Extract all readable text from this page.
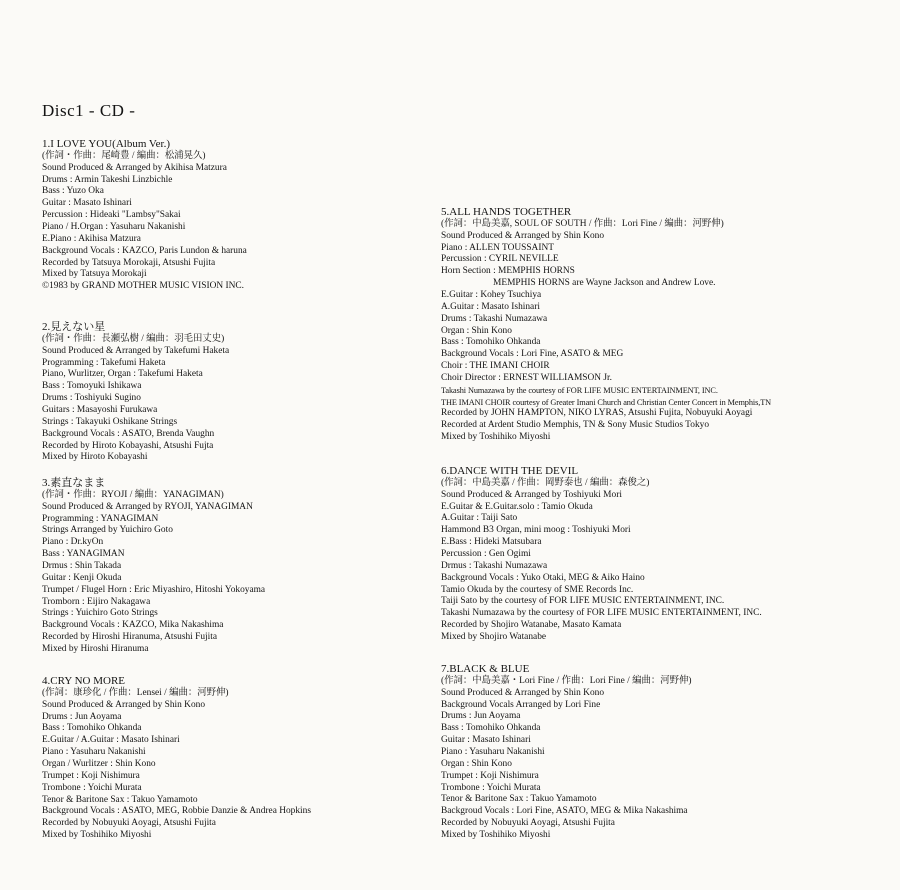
Disc1 - CD -
1.I LOVE YOU(Album Ver.)
(作詞・作曲：尾崎豊 / 編曲：松浦晃久)
Sound Produced & Arranged by Akihisa Matzura
Drums : Armin Takeshi Linzbichle
Bass : Yuzo Oka
Guitar : Masato Ishinari
Percussion : Hideaki "Lambsy"Sakai
Piano / H.Organ : Yasuharu Nakanishi
E.Piano : Akihisa Matzura
Background Vocals : KAZCO, Paris Lundon & haruna
Recorded by Tatsuya Morokaji, Atsushi Fujita
Mixed by Tatsuya Morokaji
©1983 by GRAND MOTHER MUSIC VISION INC.
2.見えない星
(作詞・作曲：長瀬弘樹 / 編曲：羽毛田丈史)
Sound Produced & Arranged by Takefumi Haketa
Programming : Takefumi Haketa
Piano, Wurlitzer, Organ : Takefumi Haketa
Bass : Tomoyuki Ishikawa
Drums : Toshiyuki Sugino
Guitars : Masayoshi Furukawa
Strings : Takayuki Oshikane Strings
Background Vocals : ASATO, Brenda Vaughn
Recorded by Hiroto Kobayashi, Atsushi Fujta
Mixed by Hiroto Kobayashi
3.素直なまま
(作詞・作曲：RYOJI / 編曲：YANAGIMAN)
Sound Produced & Arranged by RYOJI, YANAGIMAN
Programming : YANAGIMAN
Strings Arranged by Yuichiro Goto
Piano : Dr.kyOn
Bass : YANAGIMAN
Drmus : Shin Takada
Guitar : Kenji Okuda
Trumpet / Flugel Horn : Eric Miyashiro, Hitoshi Yokoyama
Tromborn : Eijiro Nakagawa
Strings : Yuichiro Goto Strings
Background Vocals : KAZCO, Mika Nakashima
Recorded by Hiroshi Hiranuma, Atsushi Fujita
Mixed by Hiroshi Hiranuma
4.CRY NO MORE
(作詞：康珍化 / 作曲：Lensei / 編曲：河野伸)
Sound Produced & Arranged by Shin Kono
Drums : Jun Aoyama
Bass : Tomohiko Ohkanda
E.Guitar / A.Guitar : Masato Ishinari
Piano : Yasuharu Nakanishi
Organ / Wurlitzer : Shin Kono
Trumpet : Koji Nishimura
Trombone : Yoichi Murata
Tenor & Baritone Sax : Takuo Yamamoto
Background Vocals : ASATO, MEG, Robbie Danzie & Andrea Hopkins
Recorded by Nobuyuki Aoyagi, Atsushi Fujita
Mixed by Toshihiko Miyoshi
5.ALL HANDS TOGETHER
(作詞：中島美嘉, SOUL OF SOUTH / 作曲：Lori Fine / 編曲：河野伸)
Sound Produced & Arranged by Shin Kono
Piano : ALLEN TOUSSAINT
Percussion : CYRIL NEVILLE
Horn Section : MEMPHIS HORNS
MEMPHIS HORNS are Wayne Jackson and Andrew Love.
E.Guitar : Kohey Tsuchiya
A.Guitar : Masato Ishinari
Drums : Takashi Numazawa
Organ : Shin Kono
Bass : Tomohiko Ohkanda
Background Vocals : Lori Fine, ASATO & MEG
Choir : THE IMANI CHOIR
Choir Director : ERNEST WILLIAMSON Jr.
Takashi Numazawa by the courtesy of FOR LIFE MUSIC ENTERTAINMENT, INC.
THE IMANI CHOIR courtesy of Greater Imani Church and Christian Center Concert in Memphis,TN
Recorded by JOHN HAMPTON, NIKO LYRAS, Atsushi Fujita, Nobuyuki Aoyagi
Recorded at Ardent Studio Memphis, TN & Sony Music Studios Tokyo
Mixed by Toshihiko Miyoshi
6.DANCE WITH THE DEVIL
(作詞：中島美嘉 / 作曲：岡野泰也 / 編曲：森俊之)
Sound Produced & Arranged by Toshiyuki Mori
E.Guitar & E.Guitar.solo : Tamio Okuda
A.Guitar : Taiji Sato
Hammond B3 Organ, mini moog : Toshiyuki Mori
E.Bass : Hideki Matsubara
Percussion : Gen Ogimi
Drmus : Takashi Numazawa
Background Vocals : Yuko Otaki, MEG & Aiko Haino
Tamio Okuda by the courtesy of SME Records Inc.
Taiji Sato by the courtesy of FOR LIFE MUSIC ENTERTAINMENT, INC.
Takashi Numazawa by the courtesy of FOR LIFE MUSIC ENTERTAINMENT, INC.
Recorded by Shojiro Watanabe, Masato Kamata
Mixed by Shojiro Watanabe
7.BLACK & BLUE
(作詞：中島美嘉・Lori Fine / 作曲：Lori Fine / 編曲：河野伸)
Sound Produced & Arranged by Shin Kono
Background Vocals Arranged by Lori Fine
Drums : Jun Aoyama
Bass : Tomohiko Ohkanda
Guitar : Masato Ishinari
Piano : Yasuharu Nakanishi
Organ : Shin Kono
Trumpet : Koji Nishimura
Trombone : Yoichi Murata
Tenor & Baritone Sax : Takuo Yamamoto
Backgroud Vocals : Lori Fine, ASATO, MEG & Mika Nakashima
Recorded by Nobuyuki Aoyagi, Atsushi Fujita
Mixed by Toshihiko Miyoshi
